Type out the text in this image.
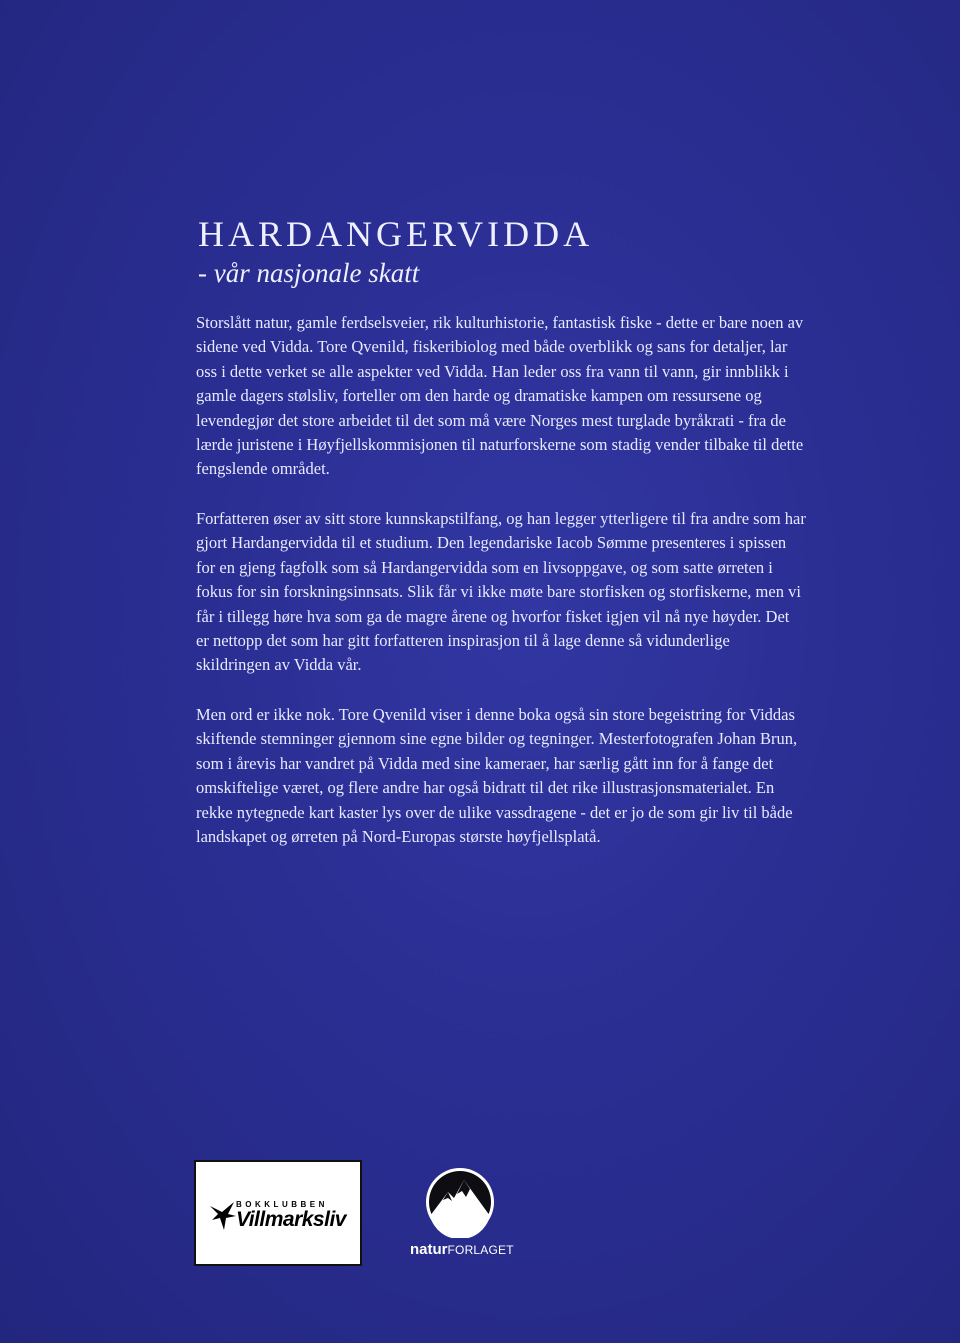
HARDANGERVIDDA
- vår nasjonale skatt

Storslått natur, gamle ferdselsveier, rik kulturhistorie, fantastisk fiske - dette er bare noen av sidene ved Vidda. Tore Qvenild, fiskeribiolog med både overblikk og sans for detaljer, lar oss i dette verket se alle aspekter ved Vidda. Han leder oss fra vann til vann, gir innblikk i gamle dagers stølsliv, forteller om den harde og dramatiske kampen om ressursene og levendegjør det store arbeidet til det som må være Norges mest turglade byråkrati - fra de lærde juristene i Høyfjellskommisjonen til naturforskerne som stadig vender tilbake til dette fengslende området.

Forfatteren øser av sitt store kunnskapstilfang, og han legger ytterligere til fra andre som har gjort Hardangervidda til et studium. Den legendariske Iacob Sømme presenteres i spissen for en gjeng fagfolk som så Hardangervidda som en livsoppgave, og som satte ørreten i fokus for sin forskningsinnsats. Slik får vi ikke møte bare storfisken og storfiskerne, men vi får i tillegg høre hva som ga de magre årene og hvorfor fisket igjen vil nå nye høyder. Det er nettopp det som har gitt forfatteren inspirasjon til å lage denne så vidunderlige skildringen av Vidda vår.

Men ord er ikke nok. Tore Qvenild viser i denne boka også sin store begeistring for Viddas skiftende stemninger gjennom sine egne bilder og tegninger. Mesterfotografen Johan Brun, som i årevis har vandret på Vidda med sine kameraer, har særlig gått inn for å fange det omskiftelige været, og flere andre har også bidratt til det rike illustrasjonsmaterialet. En rekke nytegnede kart kaster lys over de ulike vassdragene - det er jo de som gir liv til både landskapet og ørreten på Nord-Europas største høyfjellsplatå.

BOKKLUBBEN
Villmarksliv
naturFORLAGET
